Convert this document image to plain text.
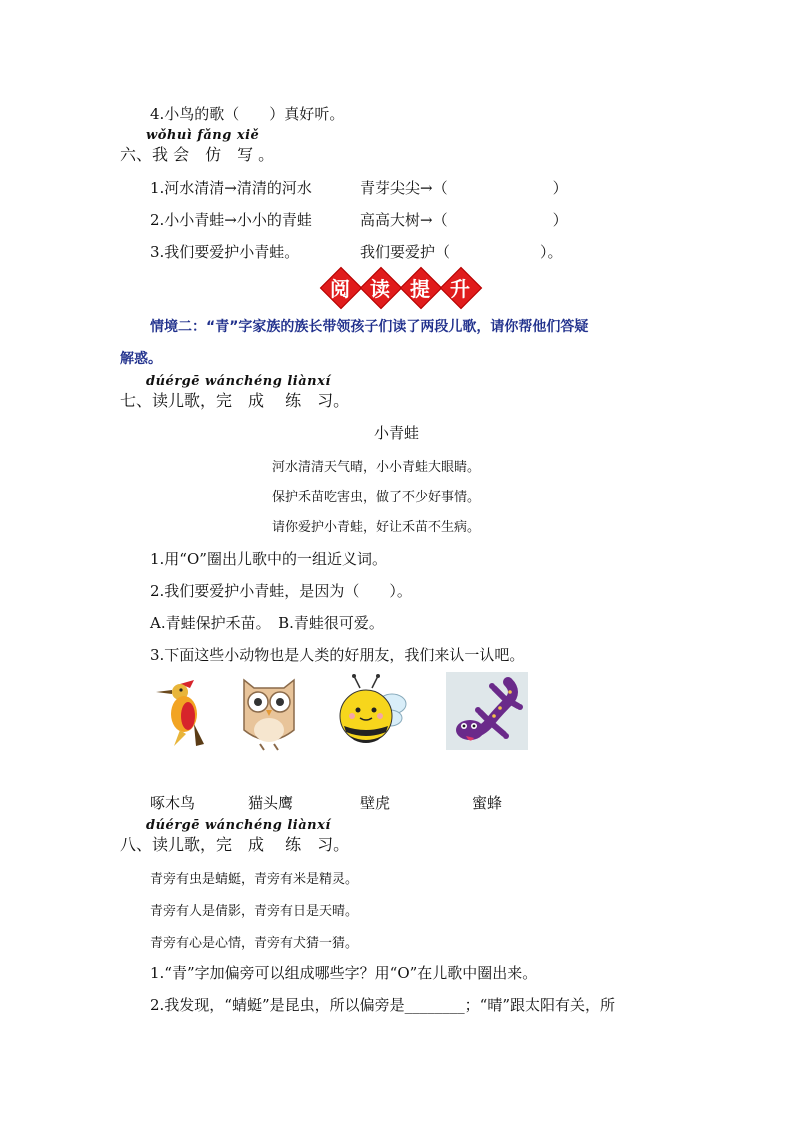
4.小鸟的歌（　　）真好听。
wǒhuì fǎng xiě
六、我 会　仿　写 。
1.河水清清→清清的河水	青芽尖尖→（　　　　　　　）
2.小小青蛙→小小的青蛙	高高大树→（　　　　　　　）
3.我们要爱护小青蛙。	我们要爱护（　　　　　　）。
阅	读	提	升
情境二：“青”字家族的族长带领孩子们读了两段儿歌，请你帮他们答疑
解惑。
dúérgē wánchéng liànxí
七、读儿歌，完　成　 练　习。
小青蛙
河水清清天气晴，小小青蛙大眼睛。
保护禾苗吃害虫，做了不少好事情。
请你爱护小青蛙，好让禾苗不生病。
1.用“O”圈出儿歌中的一组近义词。
2.我们要爱护小青蛙，是因为（　　）。
A.青蛙保护禾苗。　B.青蛙很可爱。
3.下面这些小动物也是人类的好朋友，我们来认一认吧。
啄木鸟	猫头鹰	壁虎	蜜蜂
dúérgē wánchéng liànxí
八、读儿歌，完　成　 练　习。
青旁有虫是蜻蜓，青旁有米是精灵。
青旁有人是倩影，青旁有日是天晴。
青旁有心是心情，青旁有犬猜一猜。
1.“青”字加偏旁可以组成哪些字？用“O”在儿歌中圈出来。
2.我发现，“蜻蜓”是昆虫，所以偏旁是________；“晴”跟太阳有关，所
